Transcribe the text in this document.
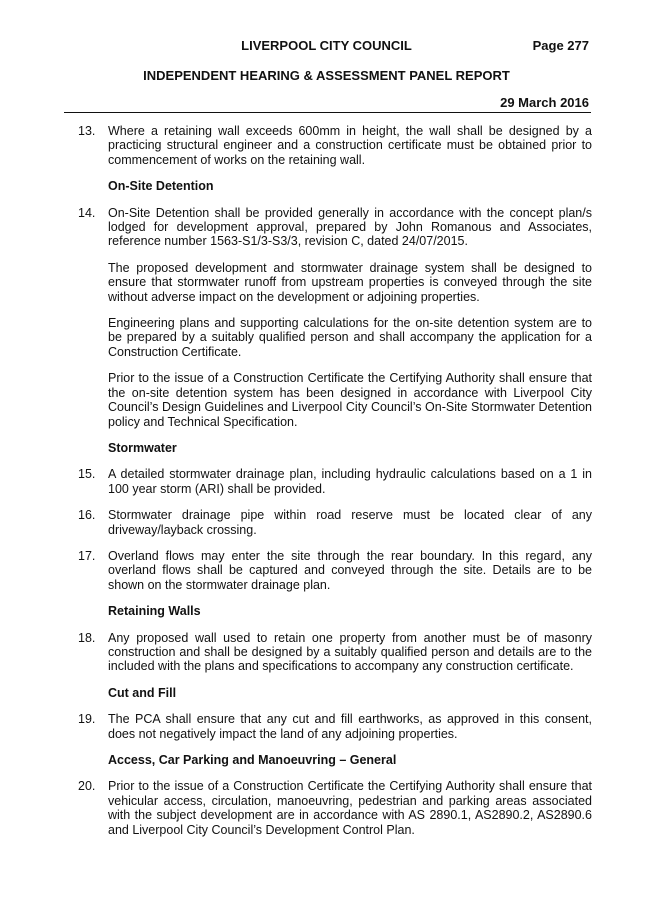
LIVERPOOL CITY COUNCIL	Page 277
INDEPENDENT HEARING & ASSESSMENT PANEL REPORT
29 March 2016
13.	Where a retaining wall exceeds 600mm in height, the wall shall be designed by a practicing structural engineer and a construction certificate must be obtained prior to commencement of works on the retaining wall.

On-Site Detention
14.	On-Site Detention shall be provided generally in accordance with the concept plan/s lodged for development approval, prepared by John Romanous and Associates, reference number 1563-S1/3-S3/3, revision C, dated 24/07/2015.

The proposed development and stormwater drainage system shall be designed to ensure that stormwater runoff from upstream properties is conveyed through the site without adverse impact on the development or adjoining properties.

Engineering plans and supporting calculations for the on-site detention system are to be prepared by a suitably qualified person and shall accompany the application for a Construction Certificate.

Prior to the issue of a Construction Certificate the Certifying Authority shall ensure that the on-site detention system has been designed in accordance with Liverpool City Council’s Design Guidelines and Liverpool City Council’s On-Site Stormwater Detention policy and Technical Specification.

Stormwater
15.	A detailed stormwater drainage plan, including hydraulic calculations based on a 1 in 100 year storm (ARI) shall be provided.

16.	Stormwater drainage pipe within road reserve must be located clear of any driveway/layback crossing.

17.	Overland flows may enter the site through the rear boundary. In this regard, any overland flows shall be captured and conveyed through the site. Details are to be shown on the stormwater drainage plan.

Retaining Walls
18.	Any proposed wall used to retain one property from another must be of masonry construction and shall be designed by a suitably qualified person and details are to the included with the plans and specifications to accompany any construction certificate.

Cut and Fill
19.	The PCA shall ensure that any cut and fill earthworks, as approved in this consent, does not negatively impact the land of any adjoining properties.

Access, Car Parking and Manoeuvring – General
20.	Prior to the issue of a Construction Certificate the Certifying Authority shall ensure that vehicular access, circulation, manoeuvring, pedestrian and parking areas associated with the subject development are in accordance with AS 2890.1, AS2890.2, AS2890.6 and Liverpool City Council’s Development Control Plan.
